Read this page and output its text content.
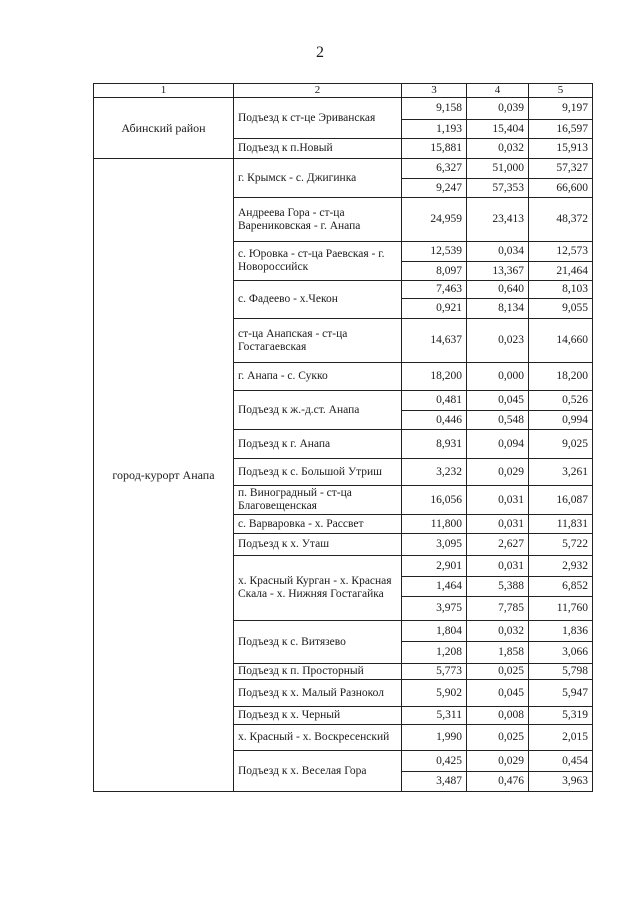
2
1	2	3	4	5
Абинский район	Подъезд к ст-це Эриванская	9,158	0,039	9,197
		1,193	15,404	16,597
	Подъезд к п.Новый	15,881	0,032	15,913
город-курорт Анапа	г. Крымск - с. Джигинка	6,327	51,000	57,327
		9,247	57,353	66,600
	Андреева Гора - ст-ца Варениковская - г. Анапа	24,959	23,413	48,372
	с. Юровка - ст-ца Раевская - г. Новороссийск	12,539	0,034	12,573
		8,097	13,367	21,464
	с. Фадеево - х.Чекон	7,463	0,640	8,103
		0,921	8,134	9,055
	ст-ца Анапская - ст-ца Гостагаевская	14,637	0,023	14,660
	г. Анапа - с. Сукко	18,200	0,000	18,200
	Подъезд к ж.-д.ст. Анапа	0,481	0,045	0,526
		0,446	0,548	0,994
	Подъезд к г. Анапа	8,931	0,094	9,025
	Подъезд к с. Большой Утриш	3,232	0,029	3,261
	п. Виноградный - ст-ца Благовещенская	16,056	0,031	16,087
	с. Варваровка - х. Рассвет	11,800	0,031	11,831
	Подъезд к х. Уташ	3,095	2,627	5,722
	х. Красный Курган - х. Красная Скала - х. Нижняя Гостагайка	2,901	0,031	2,932
		1,464	5,388	6,852
		3,975	7,785	11,760
	Подъезд к с. Витязево	1,804	0,032	1,836
		1,208	1,858	3,066
	Подъезд к п. Просторный	5,773	0,025	5,798
	Подъезд к х. Малый Разнокол	5,902	0,045	5,947
	Подъезд к х. Черный	5,311	0,008	5,319
	х. Красный - х. Воскресенский	1,990	0,025	2,015
	Подъезд к х. Веселая Гора	0,425	0,029	0,454
		3,487	0,476	3,963
